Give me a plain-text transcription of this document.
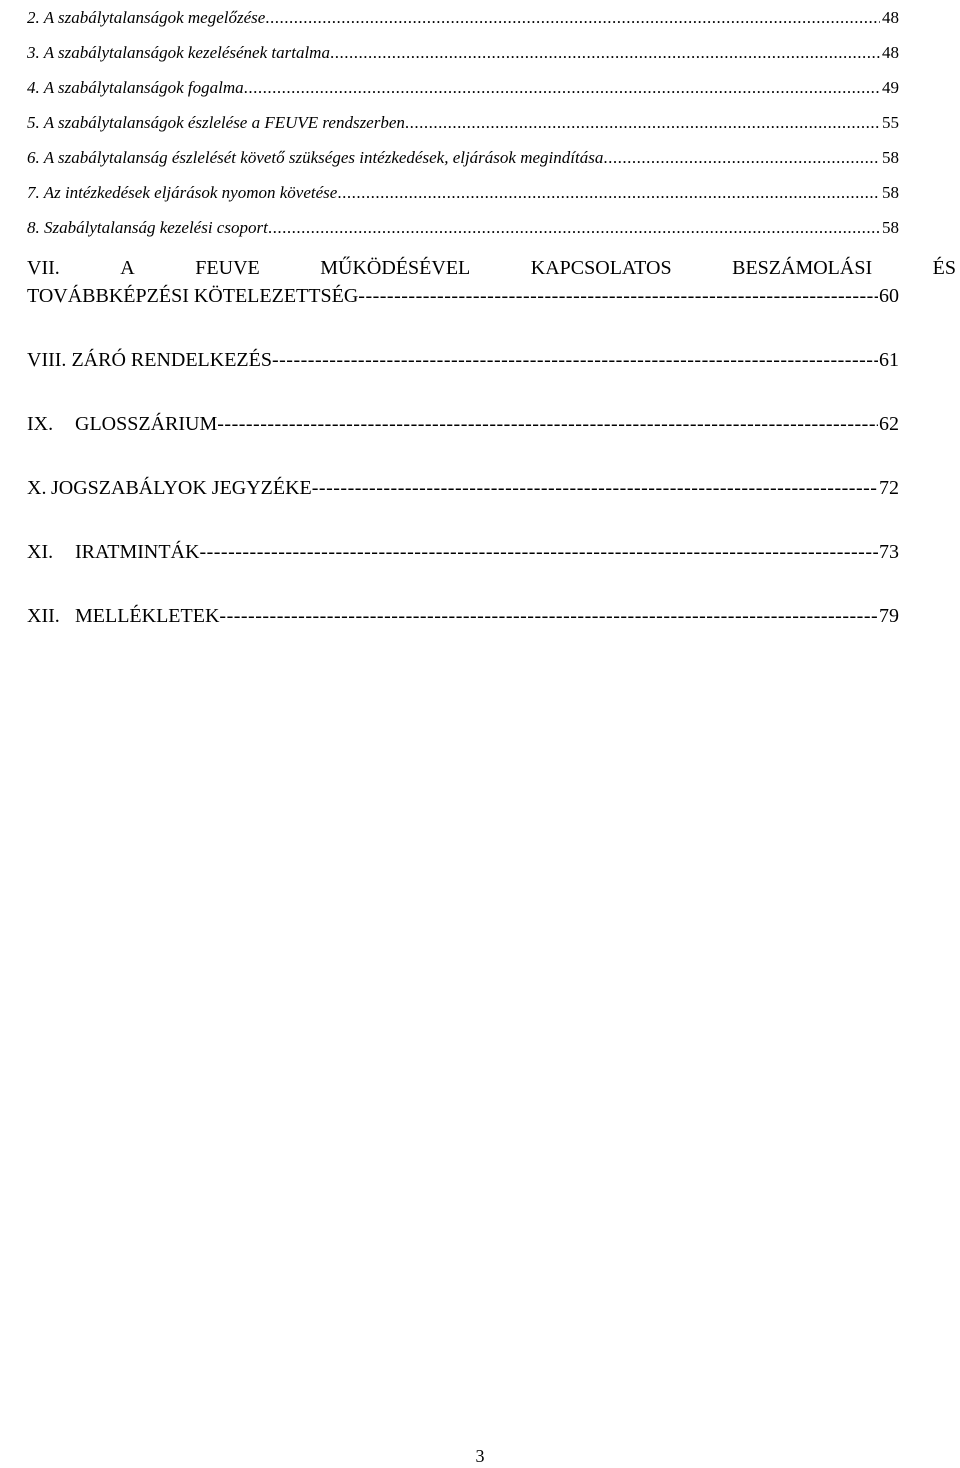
2. A szabálytalanságok megelőzése .....	48
3. A szabálytalanságok kezelésének tartalma .....	48
4. A szabálytalanságok fogalma .....	49
5. A szabálytalanságok észlelése a FEUVE rendszerben .....	55
6. A szabálytalanság észlelését követő szükséges intézkedések, eljárások megindítása .....	58
7. Az intézkedések eljárások nyomon követése .....	58
8. Szabálytalanság kezelési csoport .....	58
VII.	A	FEUVE	MŰKÖDÉSÉVEL	KAPCSOLATOS	BESZÁMOLÁSI	ÉS
TOVÁBBKÉPZÉSI KÖTELEZETTSÉG -----	60
VIII. ZÁRÓ RENDELKEZÉS -----	61
IX. GLOSSZÁRIUM -----	62
X. JOGSZABÁLYOK JEGYZÉKE -----	72
XI. IRATMINTÁK -----	73
XII. MELLÉKLETEK -----	79
3
